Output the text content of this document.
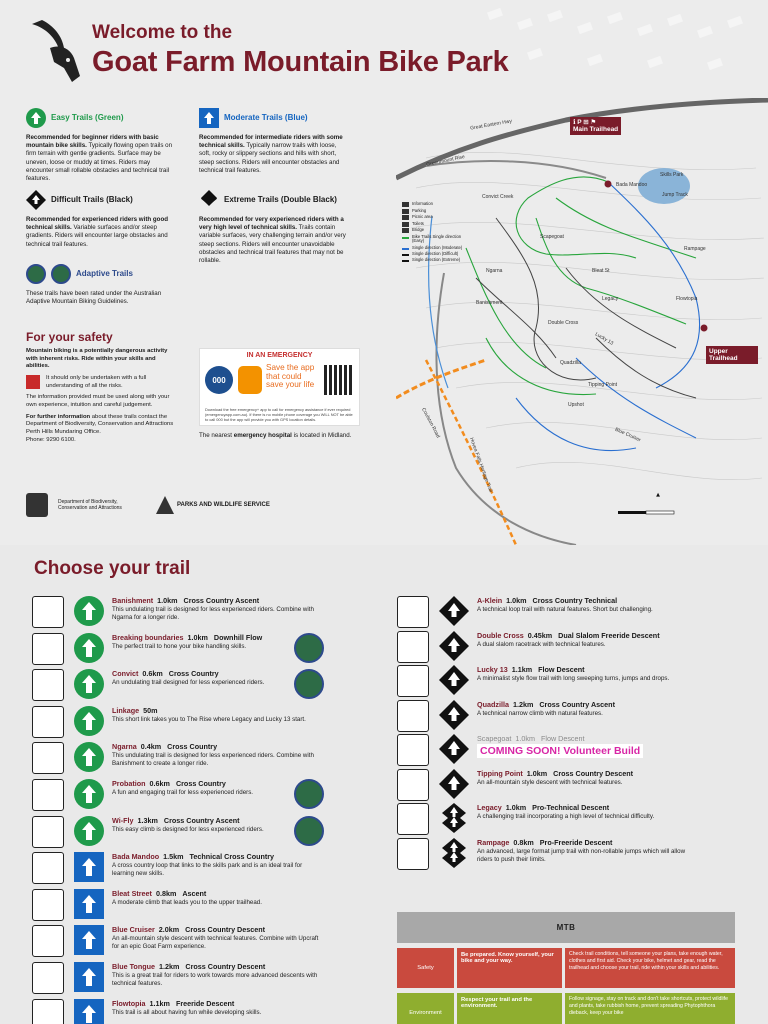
Welcome to the
Goat Farm Mountain Bike Park
Easy Trails (Green)

Recommended for beginner riders with basic mountain bike skills. Typically flowing open trails on firm terrain with gentle gradients. Surface may be uneven, loose or muddy at times. Riders may encounter small rollable obstacles and technical trail features.

Moderate Trails (Blue)

Recommended for intermediate riders with some technical skills. Typically narrow trails with loose, soft, rocky or slippery sections and hills with short, steep sections. Riders will encounter obstacles and technical trail features.

Difficult Trails (Black)

Recommended for experienced riders with good technical skills. Variable surfaces and/or steep gradients. Riders will encounter large obstacles and technical trail features.

Extreme Trails (Double Black)

Recommended for very experienced riders with a very high level of technical skills. Trails contain variable surfaces, very challenging terrain and/or very steep sections. Riders will encounter unavoidable obstacles and technical trail features that may not be rollable.

Adaptive Trails

These trails have been rated under the Australian Adaptive Mountain Biking Guidelines.

For your safety

Mountain biking is a potentially dangerous activity with inherent risks. Ride within your skills and abilities.

It should only be undertaken with a full understanding of all the risks.

The information provided must be used along with your own experience, intuition and careful judgement.

For further information about these trails contact the Department of Biodiversity, Conservation and Attractions Perth Hills Mundaring Office.
Phone: 9290 6100.

IN AN EMERGENCY
000
Save the app that could save your life
Download the free emergency+ app to call for emergency assistance if ever required (emergencyapp.com.au). If there is no mobile phone coverage you WILL NOT be able to call 000 but the app will provide you with GPS location details.
The nearest emergency hospital is located in Midland.
Department of Biodiversity, Conservation and Attractions	PARKS AND WILDLIFE SERVICE
▲
ℹ P ⊞ ⚑
Main Trailhead
Upper Trailhead
Great Eastern Hwy
Greenmount Rise
Coulston Road
Hovea Falls Heritage Trail
Convict Creek
Bada Mandoo
Skills Park
Jump Track
Bleat St
Legacy
Banishment
Ngarna
Lucky 13
Tipping Point
Upshot
Blue Cruiser
Rampage
Scapegoat
Flowtopia
Quadzilla
Double Cross
Information
Parking
Picnic area
Toilets
Bridge
Bike Trails Single direction (Easy)
Single direction (Moderate)
Single direction (Difficult)
Single direction (Extreme)
Choose your trail
Banishment 1.0km Cross Country Ascent
This undulating trail is designed for less experienced riders. Combine with Ngarna for a longer ride.
Breaking boundaries 1.0km Downhill Flow
The perfect trail to hone your bike handling skills.
Convict 0.6km Cross Country
An undulating trail designed for less experienced riders.
Linkage 50m
This short link takes you to The Rise where Legacy and Lucky 13 start.
Ngarna 0.4km Cross Country
This undulating trail is designed for less experienced riders. Combine with Banishment to create a longer ride.
Probation 0.6km Cross Country
A fun and engaging trail for less experienced riders.
Wi-Fly 1.3km Cross Country Ascent
This easy climb is designed for less experienced riders.
Bada Mandoo 1.5km Technical Cross Country
A cross country loop that links to the skills park and is an ideal trail for learning new skills.
Bleat Street 0.8km Ascent
A moderate climb that leads you to the upper trailhead.
Blue Cruiser 2.0km Cross Country Descent
An all-mountain style descent with technical features. Combine with Upcraft for an epic Goat Farm experience.
Blue Tongue 1.2km Cross Country Descent
This is a great trail for riders to work towards more advanced descents with technical features.
Flowtopia 1.1km Freeride Descent
This trail is all about having fun while developing skills.
A-Klein 1.0km Cross Country Technical
A technical loop trail with natural features. Short but challenging.
Double Cross 0.45km Dual Slalom Freeride Descent
A dual slalom racetrack with technical features.
Lucky 13 1.1km Flow Descent
A minimalist style flow trail with long sweeping turns, jumps and drops.
Quadzilla 1.2km Cross Country Ascent
A technical narrow climb with natural features.
Scapegoat 1.0km Flow Descent
COMING SOON! Volunteer Build
Tipping Point 1.0km Cross Country Descent
An all-mountain style descent with technical features.
Legacy 1.0km Pro-Technical Descent
A challenging trail incorporating a high level of technical difficulty.
Rampage 0.8km Pro-Freeride Descent
An advanced, large format jump trail with non-rollable jumps which will allow riders to push their limits.
MTB
Safety
Be prepared. Know yourself, your bike and your way.
Check trail conditions, tell someone your plans, take enough water, clothes and first aid. Check your bike, helmet and gear, read the trailhead and choose your trail, ride within your skills and abilities.
Environment
Respect your trail and the environment.
Follow signage, stay on track and don't take shortcuts, protect wildlife and plants, take rubbish home, prevent spreading Phytophthora dieback, keep your bike
